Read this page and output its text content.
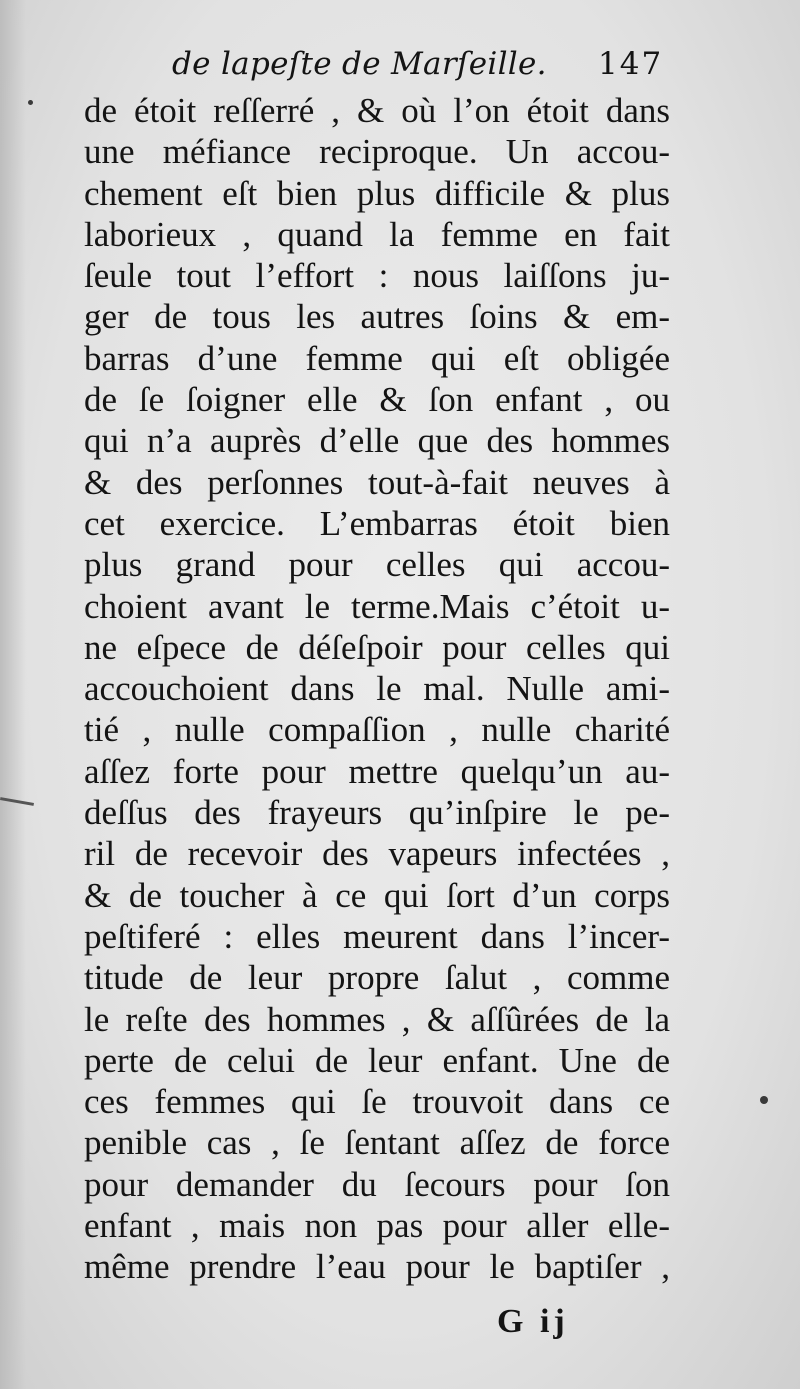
de lapeſte de Marſeille. 147
de étoit reſſerré , & où l’on étoit dans
une méfiance reciproque. Un accou-
chement eſt bien plus difficile & plus
laborieux , quand la femme en fait
ſeule tout l’effort : nous laiſſons ju-
ger de tous les autres ſoins & em-
barras d’une femme qui eſt obligée
de ſe ſoigner elle & ſon enfant , ou
qui n’a auprès d’elle que des hommes
& des perſonnes tout-à-fait neuves à
cet exercice. L’embarras étoit bien
plus grand pour celles qui accou-
choient avant le terme.Mais c’étoit u-
ne eſpece de déſeſpoir pour celles qui
accouchoient dans le mal. Nulle ami-
tié , nulle compaſſion , nulle charité
aſſez forte pour mettre quelqu’un au-
deſſus des frayeurs qu’inſpire le pe-
ril de recevoir des vapeurs infectées ,
& de toucher à ce qui ſort d’un corps
peſtiferé : elles meurent dans l’incer-
titude de leur propre ſalut , comme
le reſte des hommes , & aſſûrées de la
perte de celui de leur enfant. Une de
ces femmes qui ſe trouvoit dans ce
penible cas , ſe ſentant aſſez de force
pour demander du ſecours pour ſon
enfant , mais non pas pour aller elle-
même prendre l’eau pour le baptiſer ,
G ij
